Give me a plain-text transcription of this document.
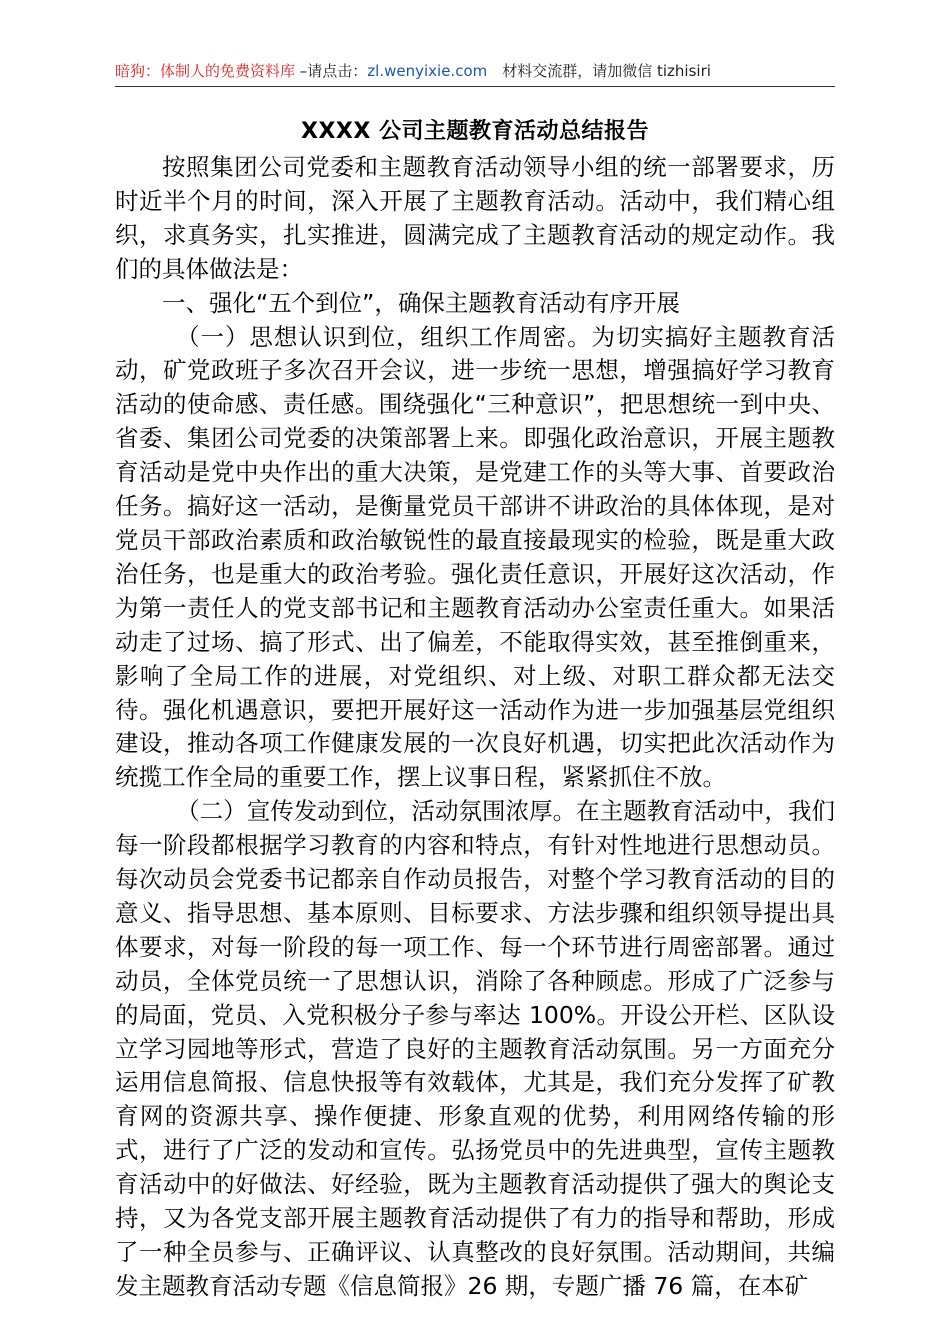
暗狗：体制人的免费资料库 –请点击：zl.wenyixie.com　材料交流群，请加微信 tizhisiri
XXXX 公司主题教育活动总结报告

按照集团公司党委和主题教育活动领导小组的统一部署要求，历时近半个月的时间，深入开展了主题教育活动。活动中，我们精心组织，求真务实，扎实推进，圆满完成了主题教育活动的规定动作。我们的具体做法是：

一、强化“五个到位”，确保主题教育活动有序开展

（一）思想认识到位，组织工作周密。为切实搞好主题教育活动，矿党政班子多次召开会议，进一步统一思想，增强搞好学习教育活动的使命感、责任感。围绕强化“三种意识”，把思想统一到中央、省委、集团公司党委的决策部署上来。即强化政治意识，开展主题教育活动是党中央作出的重大决策，是党建工作的头等大事、首要政治任务。搞好这一活动，是衡量党员干部讲不讲政治的具体体现，是对党员干部政治素质和政治敏锐性的最直接最现实的检验，既是重大政治任务，也是重大的政治考验。强化责任意识，开展好这次活动，作为第一责任人的党支部书记和主题教育活动办公室责任重大。如果活动走了过场、搞了形式、出了偏差，不能取得实效，甚至推倒重来，影响了全局工作的进展，对党组织、对上级、对职工群众都无法交待。强化机遇意识，要把开展好这一活动作为进一步加强基层党组织建设，推动各项工作健康发展的一次良好机遇，切实把此次活动作为统揽工作全局的重要工作，摆上议事日程，紧紧抓住不放。

（二）宣传发动到位，活动氛围浓厚。在主题教育活动中，我们每一阶段都根据学习教育的内容和特点，有针对性地进行思想动员。每次动员会党委书记都亲自作动员报告，对整个学习教育活动的目的意义、指导思想、基本原则、目标要求、方法步骤和组织领导提出具体要求，对每一阶段的每一项工作、每一个环节进行周密部署。通过动员，全体党员统一了思想认识，消除了各种顾虑。形成了广泛参与的局面，党员、入党积极分子参与率达 100%。开设公开栏、区队设立学习园地等形式，营造了良好的主题教育活动氛围。另一方面充分运用信息简报、信息快报等有效载体，尤其是，我们充分发挥了矿教育网的资源共享、操作便捷、形象直观的优势，利用网络传输的形式，进行了广泛的发动和宣传。弘扬党员中的先进典型，宣传主题教育活动中的好做法、好经验，既为主题教育活动提供了强大的舆论支持，又为各党支部开展主题教育活动提供了有力的指导和帮助，形成了一种全员参与、正确评议、认真整改的良好氛围。活动期间，共编发主题教育活动专题《信息简报》26 期，专题广播 76 篇，在本矿
